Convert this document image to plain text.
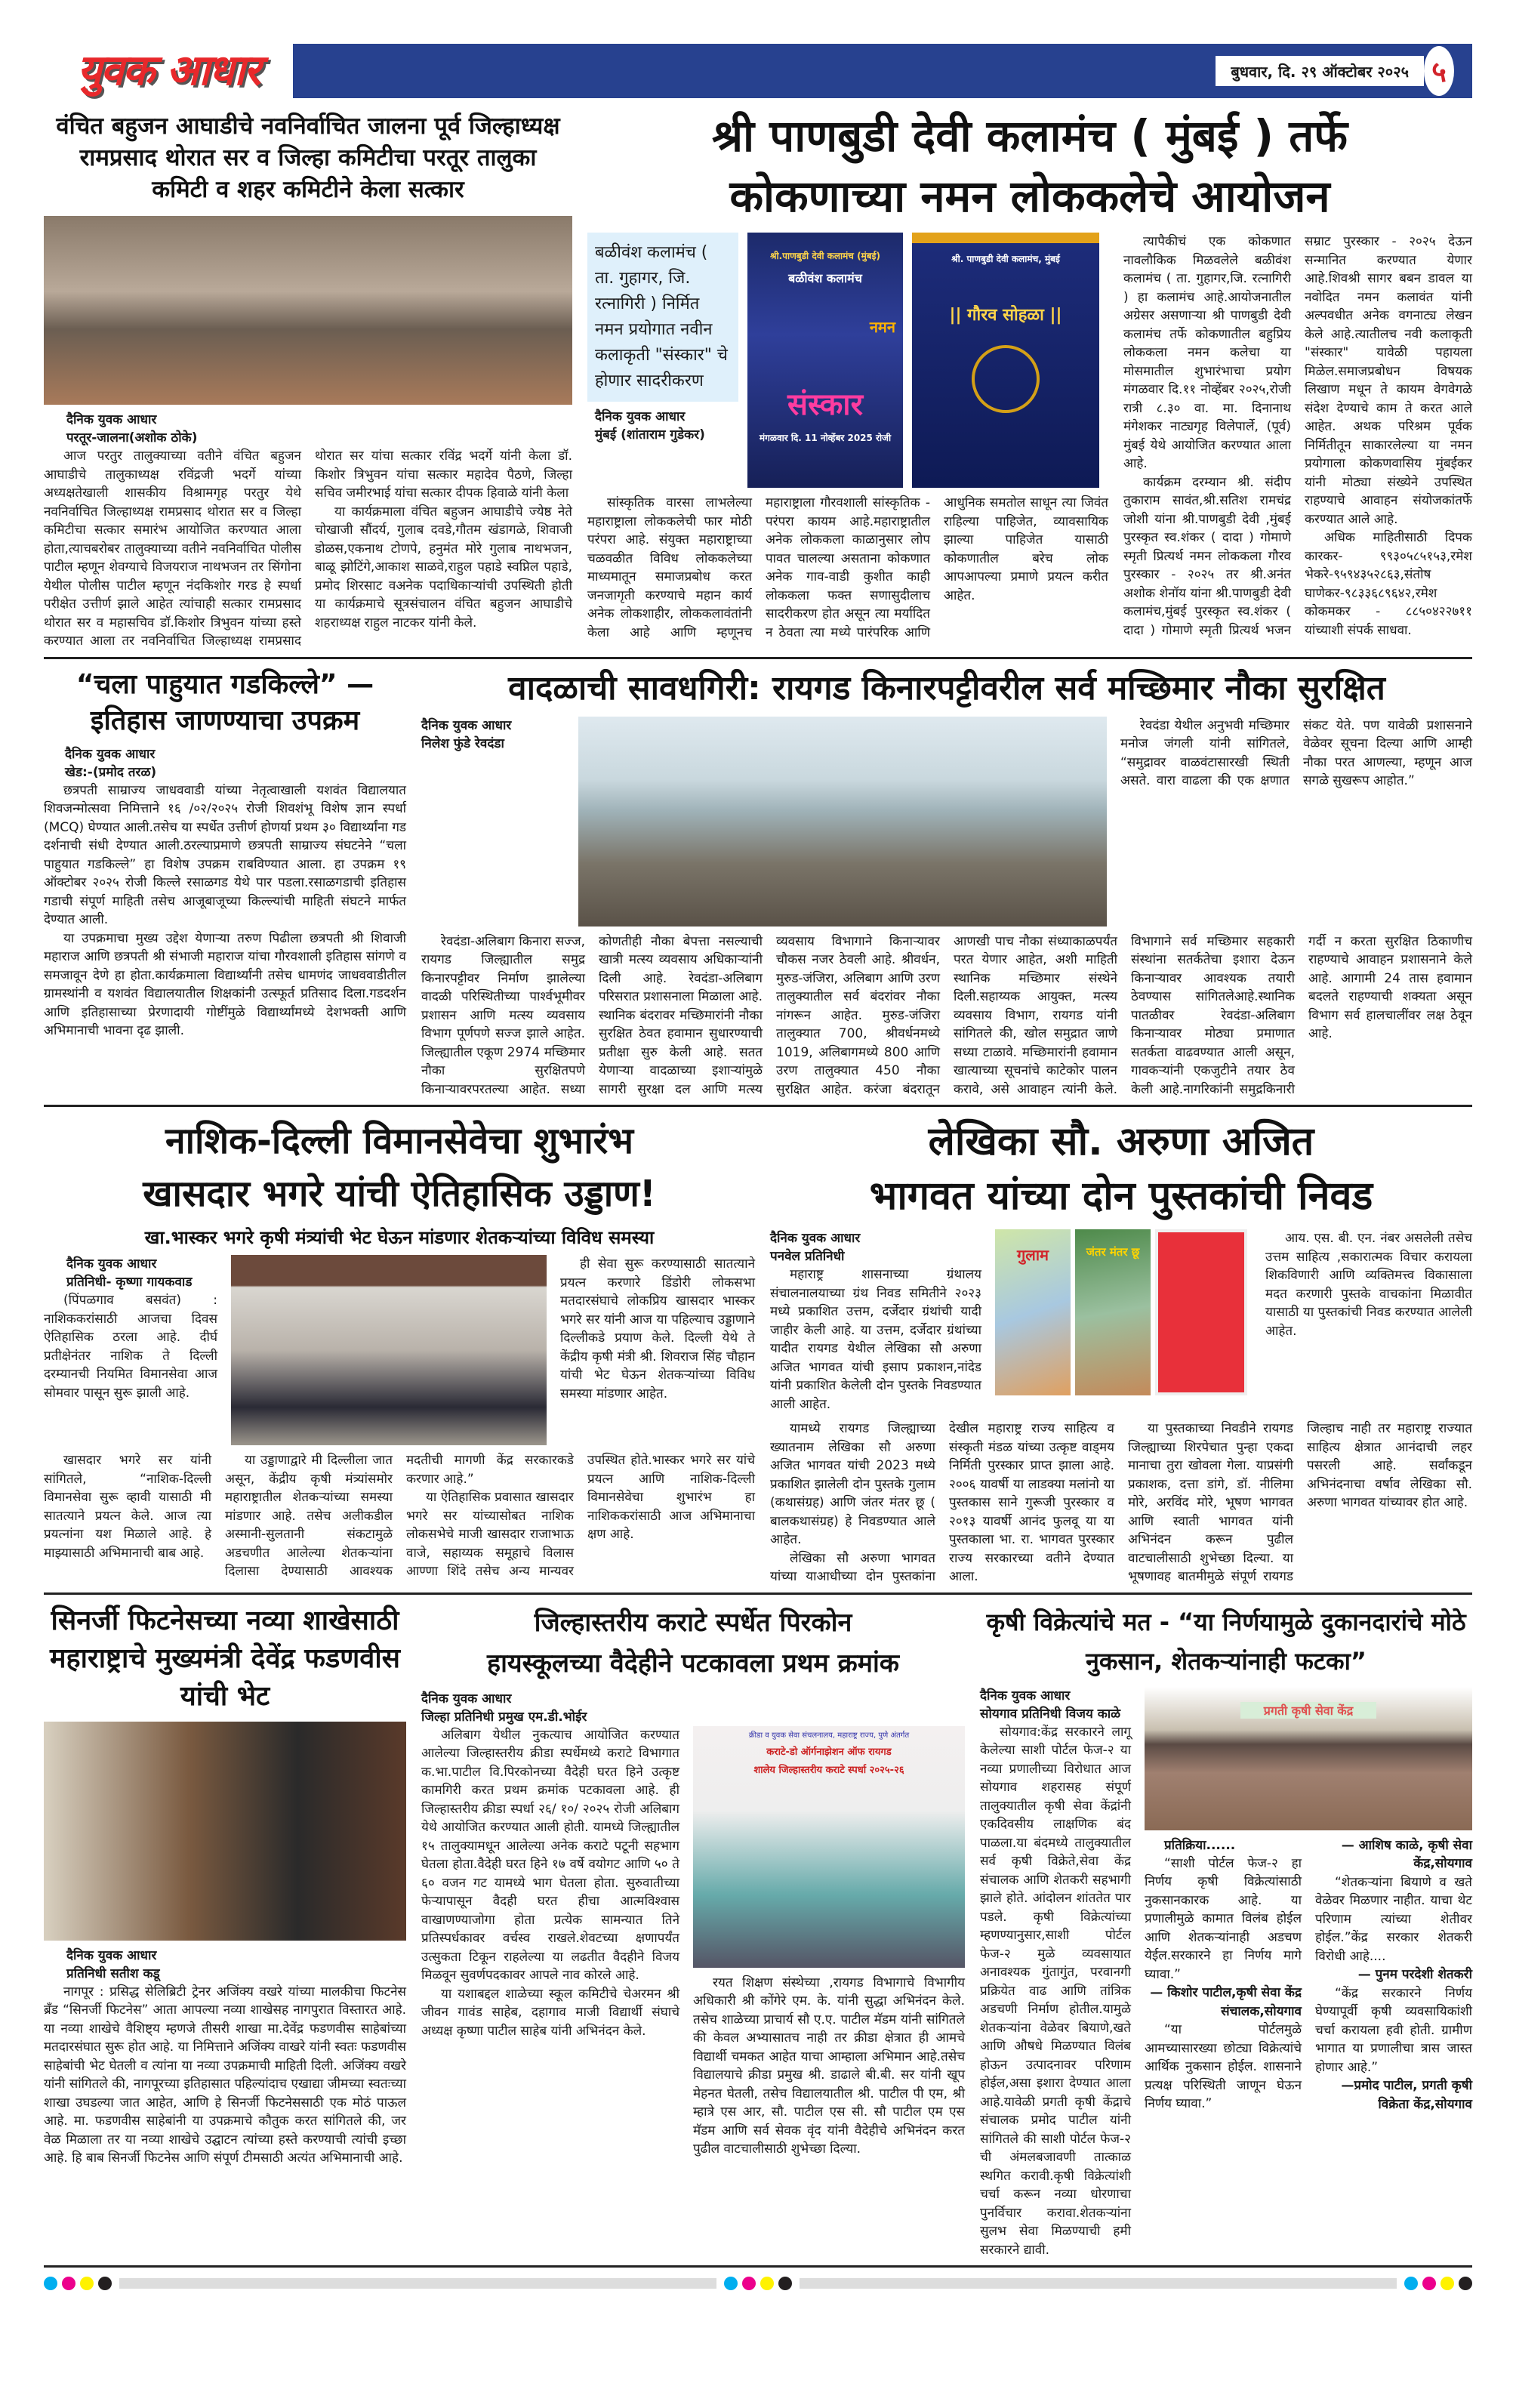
युवक आधार	बुधवार, दि. २९ ऑक्टोबर २०२५ ५
वंचित बहुजन आघाडीचे नवनिर्वाचित जालना पूर्व जिल्हाध्यक्ष रामप्रसाद थोरात सर व जिल्हा कमिटीचा परतूर तालुका कमिटी व शहर कमिटीने केला सत्कार
दैनिक युवक आधार
परतूर-जालना(अशोक ठोके)

आज परतुर तालुक्याच्या वतीने वंचित बहुजन आघाडीचे तालुकाध्यक्ष रविंद्रजी भदर्गे यांच्या अध्यक्षतेखाली शासकीय विश्रामगृह परतुर येथे नवनिर्वाचित जिल्हाध्यक्ष रामप्रसाद थोरात सर व जिल्हा कमिटीचा सत्कार समारंभ आयोजित करण्यात आला होता,त्याचबरोबर तालुक्याच्या वतीने नवनिर्वाचित पोलीस पाटील म्हणून शेवग्याचे विजयराज नाथभजन तर सिंगोना येथील पोलीस पाटील म्हणून नंदकिशोर गरड हे स्पर्धा परीक्षेत उत्तीर्ण झाले आहेत त्यांचाही सत्कार रामप्रसाद थोरात सर व महासचिव डॉ.किशोर त्रिभुवन यांच्या हस्ते करण्यात आला तर नवनिर्वाचित जिल्हाध्यक्ष रामप्रसाद थोरात सर यांचा सत्कार रविंद्र भदर्गे यांनी केला डॉ. किशोर त्रिभुवन यांचा सत्कार महादेव पैठणे, जिल्हा सचिव जमीरभाई यांचा सत्कार दीपक हिवाळे यांनी केला

या कार्यक्रमाला वंचित बहुजन आघाडीचे ज्येष्ठ नेते चोखाजी सौंदर्य, गुलाब दवडे,गौतम खंडागळे, शिवाजी डोळस,एकनाथ टोणपे, हनुमंत मोरे गुलाब नाथभजन, बाळू झोटिंगे,आकाश साळवे,राहुल पहाडे स्वप्निल पहाडे, प्रमोद शिरसाट वअनेक पदाधिकाऱ्यांची उपस्थिती होती या कार्यक्रमाचे सूत्रसंचालन वंचित बहुजन आघाडीचे शहराध्यक्ष राहुल नाटकर यांनी केले.

श्री पाणबुडी देवी कलामंच ( मुंबई ) तर्फे
कोकणाच्या नमन लोककलेचे आयोजन
बळीवंश कलामंच ( ता. गुहागर, जि. रत्नागिरी ) निर्मित नमन प्रयोगात नवीन कलाकृती "संस्कार" चे होणार सादरीकरण
दैनिक युवक आधार
मुंबई (शांताराम गुडेकर)
श्री.पाणबुडी देवी कलामंच (मुंबई)
बळीवंश कलामंच
नमन
संस्कार
मंगळवार दि. 11 नोव्हेंबर 2025 रोजी
श्री. पाणबुडी देवी कलामंच, मुंबई
|| गौरव सोहळा ||

सांस्कृतिक वारसा लाभलेल्या महाराष्ट्राला लोककलेची फार मोठी परंपरा आहे. संयुक्त महाराष्ट्राच्या चळवळीत विविध लोककलेच्या माध्यमातून समाजप्रबोध करत जनजागृती करण्याचे महान कार्य अनेक लोकशाहीर, लोककलावंतांनी केला आहे आणि म्हणूनच महाराष्ट्राला गौरवशाली सांस्कृतिक - परंपरा कायम आहे.महाराष्ट्रातील अनेक लोककला काळानुसार लोप पावत चालल्या असताना कोकणात अनेक गाव-वाडी कुशीत काही लोककला फक्त सणासुदीलाच सादरीकरण होत असून त्या मर्यादित न ठेवता त्या मध्ये पारंपरिक आणि आधुनिक समतोल साधून त्या जिवंत राहिल्या पाहिजेत, व्यावसायिक झाल्या पाहिजेत यासाठी कोकणातील बरेच लोक आपआपल्या प्रमाणे प्रयत्न करीत आहेत.

त्यापैकीचं एक कोकणात नावलौकिक मिळवलेले बळीवंश कलामंच ( ता. गुहागर,जि. रत्नागिरी ) हा कलामंच आहे.आयोजनातील अग्रेसर असणाऱ्या श्री पाणबुडी देवी कलामंच तर्फे कोकणातील बहुप्रिय लोककला नमन कलेचा या मोसमातील शुभारंभाचा प्रयोग मंगळवार दि.११ नोव्हेंबर २०२५,रोजी रात्री ८.३० वा. मा. दिनानाथ मंगेशकर नाट्यगृह विलेपार्ले, (पूर्व) मुंबई येथे आयोजित करण्यात आला आहे.

कार्यक्रम दरम्यान श्री. संदीप तुकाराम सावंत,श्री.सतिश रामचंद्र जोशी यांना श्री.पाणबुडी देवी ,मुंबई पुरस्कृत स्व.शंकर ( दादा ) गोमाणे स्मृती प्रित्यर्थ नमन लोककला गौरव पुरस्कार - २०२५ तर श्री.अनंत अशोक शेनॉय यांना श्री.पाणबुडी देवी कलामंच,मुंबई पुरस्कृत स्व.शंकर ( दादा ) गोमाणे स्मृती प्रित्यर्थ भजन सम्राट पुरस्कार - २०२५ देऊन सन्मानित करण्यात येणार आहे.शिवश्री सागर बबन डावल या नवोदित नमन कलावंत यांनी अल्पवधीत अनेक वगनाट्य लेखन केले आहे.त्यातीलच नवी कलाकृती "संस्कार" यावेळी पहायला मिळेल.समाजप्रबोधन विषयक लिखाण मधून ते कायम वेगवेगळे संदेश देण्याचे काम ते करत आले आहेत. अथक परिश्रम पूर्वक निर्मितीतून साकारलेल्या या नमन प्रयोगाला कोकणवासिय मुंबईकर यांनी मोठ्या संख्येने उपस्थित राहण्याचे आवाहन संयोजकांतर्फे करण्यात आले आहे.

अधिक माहितीसाठी दिपक कारकर- ९९३०५८५१५३,रमेश भेकरे-९५९४३५२८६३,संतोष घाणेकर-९८३३६८९६४२,रमेश कोकमकर - ८८५०४२२७११ यांच्याशी संपर्क साधवा.

“चला पाहुयात गडकिल्ले” — इतिहास जाणण्याचा उपक्रम
दैनिक युवक आधार
खेड:-(प्रमोद तरळ)

छत्रपती साम्राज्य जाधववाडी यांच्या नेतृत्वाखाली यशवंत विद्यालयात शिवजन्मोत्सवा निमित्ताने १६ /०२/२०२५ रोजी शिवशंभू विशेष ज्ञान स्पर्धा (MCQ) घेण्यात आली.तसेच या स्पर्धेत उत्तीर्ण होणर्या प्रथम ३० विद्यार्थ्यांना गड दर्शनाची संधी देण्यात आली.ठरल्याप्रमाणे छत्रपती साम्राज्य संघटनेने “चला पाहुयात गडकिल्ले” हा विशेष उपक्रम राबविण्यात आला. हा उपक्रम १९ ऑक्टोबर २०२५ रोजी किल्ले रसाळगड येथे पार पडला.रसाळगडाची इतिहास गडाची संपूर्ण माहिती तसेच आजूबाजूच्या किल्ल्यांची माहिती संघटने मार्फत देण्यात आली.

या उपक्रमाचा मुख्य उद्देश येणाऱ्या तरुण पिढीला छत्रपती श्री शिवाजी महाराज आणि छत्रपती श्री संभाजी महाराज यांचा गौरवशाली इतिहास सांगणे व समजावून देणे हा होता.कार्यक्रमाला विद्यार्थ्यांनी तसेच धामणंद जाधववाडीतील ग्रामस्थांनी व यशवंत विद्यालयातील शिक्षकांनी उत्स्फूर्त प्रतिसाद दिला.गडदर्शन आणि इतिहासाच्या प्रेरणादायी गोष्टींमुळे विद्यार्थ्यांमध्ये देशभक्ती आणि अभिमानाची भावना दृढ झाली.

वादळाची सावधगिरी: रायगड किनारपट्टीवरील सर्व मच्छिमार नौका सुरक्षित
दैनिक युवक आधार
निलेश फुंडे रेवदंडा

रेवदंडा येथील अनुभवी मच्छिमार मनोज जंगली यांनी सांगितले, “समुद्रावर वाळवंटासारखी स्थिती असते. वारा वाढला की एक क्षणात संकट येते. पण यावेळी प्रशासनाने वेळेवर सूचना दिल्या आणि आम्ही नौका परत आणल्या, म्हणून आज सगळे सुखरूप आहोत.”

रेवदंडा-अलिबाग किनारा सज्ज, रायगड जिल्ह्यातील समुद्र किनारपट्टीवर निर्माण झालेल्या वादळी परिस्थितीच्या पार्श्वभूमीवर प्रशासन आणि मत्स्य व्यवसाय विभाग पूर्णपणे सज्ज झाले आहेत. जिल्ह्यातील एकूण 2974 मच्छिमार नौका सुरक्षितपणे किनाऱ्यावरपरतल्या आहेत. सध्या कोणतीही नौका बेपत्ता नसल्याची खात्री मत्स्य व्यवसाय अधिकाऱ्यांनी दिली आहे. रेवदंडा-अलिबाग परिसरात प्रशासनाला मिळाला आहे. स्थानिक बंदरावर मच्छिमारांनी नौका सुरक्षित ठेवत हवामान सुधारण्याची प्रतीक्षा सुरु केली आहे. सतत येणाऱ्या वादळाच्या इशाऱ्यांमुळे सागरी सुरक्षा दल आणि मत्स्य व्यवसाय विभागाने किनाऱ्यावर चौकस नजर ठेवली आहे. श्रीवर्धन, मुरुड-जंजिरा, अलिबाग आणि उरण तालुक्यातील सर्व बंदरांवर नौका नांगरून आहेत. मुरुड-जंजिरा तालुक्यात 700, श्रीवर्धनमध्ये 1019, अलिबागमध्ये 800 आणि उरण तालुक्यात 450 नौका सुरक्षित आहेत. करंजा बंदरातून आणखी पाच नौका संध्याकाळपर्यंत परत येणार आहेत, अशी माहिती स्थानिक मच्छिमार संस्थेने दिली.सहाय्यक आयुक्त, मत्स्य व्यवसाय विभाग, रायगड यांनी सांगितले की, खोल समुद्रात जाणे सध्या टाळावे. मच्छिमारांनी हवामान खात्याच्या सूचनांचे काटेकोर पालन करावे, असे आवाहन त्यांनी केले. विभागाने सर्व मच्छिमार सहकारी संस्थांना सतर्कतेचा इशारा देऊन किनाऱ्यावर आवश्यक तयारी ठेवण्यास सांगितलेआहे.स्थानिक पातळीवर रेवदंडा-अलिबाग किनाऱ्यावर मोठ्या प्रमाणात सतर्कता वाढवण्यात आली असून, गावकऱ्यांनी एकजुटीने तयार ठेव केली आहे.नागरिकांनी समुद्रकिनारी गर्दी न करता सुरक्षित ठिकाणीच राहण्याचे आवाहन प्रशासनाने केले आहे. आगामी 24 तास हवामान बदलते राहण्याची शक्यता असून विभाग सर्व हालचालींवर लक्ष ठेवून आहे.

नाशिक-दिल्ली विमानसेवेचा शुभारंभ
खासदार भगरे यांची ऐतिहासिक उड्डाण!
खा.भास्कर भगरे कृषी मंत्र्यांची भेट घेऊन मांडणार शेतकऱ्यांच्या विविध समस्या
दैनिक युवक आधार
प्रतिनिधी- कृष्णा गायकवाड

(पिंपळगाव बसवंत) : नाशिककरांसाठी आजचा दिवस ऐतिहासिक ठरला आहे. दीर्घ प्रतीक्षेनंतर नाशिक ते दिल्ली दरम्यानची नियमित विमानसेवा आज सोमवार पासून सुरू झाली आहे.

ही सेवा सुरू करण्यासाठी सातत्याने प्रयत्न करणारे डिंडोरी लोकसभा मतदारसंघाचे लोकप्रिय खासदार भास्कर भगरे सर यांनी आज या पहिल्याच उड्डाणाने दिल्लीकडे प्रयाण केले. दिल्ली येथे ते केंद्रीय कृषी मंत्री श्री. शिवराज सिंह चौहान यांची भेट घेऊन शेतकऱ्यांच्या विविध समस्या मांडणार आहेत.

खासदार भगरे सर यांनी सांगितले, “नाशिक-दिल्ली विमानसेवा सुरू व्हावी यासाठी मी सातत्याने प्रयत्न केले. आज त्या प्रयत्नांना यश मिळाले आहे. हे माझ्यासाठी अभिमानाची बाब आहे.

या उड्डाणाद्वारे मी दिल्लीला जात असून, केंद्रीय कृषी मंत्र्यांसमोर महाराष्ट्रातील शेतकऱ्यांच्या समस्या मांडणार आहे. तसेच अलीकडील अस्मानी-सुलतानी संकटामुळे अडचणीत आलेल्या शेतकऱ्यांना दिलासा देण्यासाठी आवश्यक मदतीची मागणी केंद्र सरकारकडे करणार आहे.”

या ऐतिहासिक प्रवासात खासदार भगरे सर यांच्यासोबत नाशिक लोकसभेचे माजी खासदार राजाभाऊ वाजे, सहाय्यक समूहाचे विलास आण्णा शिंदे तसेच अन्य मान्यवर उपस्थित होते.भास्कर भगरे सर यांचे प्रयत्न आणि नाशिक-दिल्ली विमानसेवेचा शुभारंभ हा नाशिककरांसाठी आज अभिमानाचा क्षण आहे.

लेखिका सौ. अरुणा अजित
भागवत यांच्या दोन पुस्तकांची निवड
दैनिक युवक आधार
पनवेल प्रतिनिधी

महाराष्ट्र शासनाच्या ग्रंथालय संचालनालयाच्या ग्रंथ निवड समितीने २०२३ मध्ये प्रकाशित उत्तम, दर्जेदार ग्रंथांची यादी जाहीर केली आहे. या उत्तम, दर्जेदार ग्रंथांच्या यादीत रायगड येथील लेखिका सौ अरुणा अजित भागवत यांची इसाप प्रकाशन,नांदेड यांनी प्रकाशित केलेली दोन पुस्तके निवडण्यात आली आहेत.

गुलाम	जंतर मंतर छू

आय. एस. बी. एन. नंबर असलेली तसेच उत्तम साहित्य ,सकारात्मक विचार करायला शिकविणारी आणि व्यक्तिमत्त्व विकासाला मदत करणारी पुस्तके वाचकांना मिळावीत यासाठी या पुस्तकांची निवड करण्यात आलेली आहेत.

यामध्ये रायगड जिल्ह्याच्या ख्यातनाम लेखिका सौ अरुणा अजित भागवत यांची 2023 मध्ये प्रकाशित झालेली दोन पुस्तके गुलाम (कथासंग्रह) आणि जंतर मंतर छू ( बालकथासंग्रह) हे निवडण्यात आले आहेत.

लेखिका सौ अरुणा भागवत यांच्या याआधीच्या दोन पुस्तकांना देखील महाराष्ट्र राज्य साहित्य व संस्कृती मंडळ यांच्या उत्कृष्ट वाड्मय निर्मिती पुरस्कार प्राप्त झाला आहे. २००६ यावर्षी या लाडक्या मलांनो या पुस्तकास साने गुरूजी पुरस्कार व २०१३ यावर्षी आनंद फुलवू या या पुस्तकाला भा. रा. भागवत पुरस्कार राज्य सरकारच्या वतीने देण्यात आला.

या पुस्तकाच्या निवडीने रायगड जिल्ह्याच्या शिरपेचात पुन्हा एकदा मानाचा तुरा खोवला गेला. याप्रसंगी प्रकाशक, दत्ता डांगे, डॉ. नीलिमा मोरे, अरविंद मोरे, भूषण भागवत आणि स्वाती भागवत यांनी अभिनंदन करून पुढील वाटचालीसाठी शुभेच्छा दिल्या. या भूषणावह बातमीमुळे संपूर्ण रायगड जिल्हाच नाही तर महाराष्ट्र राज्यात साहित्य क्षेत्रात आनंदाची लहर पसरली आहे. सर्वांकडून अभिनंदनाचा वर्षाव लेखिका सौ. अरुणा भागवत यांच्यावर होत आहे.

सिनर्जी फिटनेसच्या नव्या शाखेसाठी महाराष्ट्राचे मुख्यमंत्री देवेंद्र फडणवीस यांची भेट
दैनिक युवक आधार
प्रतिनिधी सतीश कडू

नागपूर : प्रसिद्ध सेलिब्रिटी ट्रेनर अजिंक्य वखरे यांच्या मालकीचा फिटनेस ब्रँड “सिनर्जी फिटनेस” आता आपल्या नव्या शाखेसह नागपुरात विस्तारत आहे. या नव्या शाखेचे वैशिष्ट्य म्हणजे तीसरी शाखा मा.देवेंद्र फडणवीस साहेबांच्या मतदारसंघात सुरू होत आहे. या निमित्ताने अजिंक्य वाखरे यांनी स्वतः फडणवीस साहेबांची भेट घेतली व त्यांना या नव्या उपक्रमाची माहिती दिली. अजिंक्य वखरे यांनी सांगितले की, नागपूरच्या इतिहासात पहिल्यांदाच एखाद्या जीमच्या स्वतःच्या शाखा उघडल्या जात आहेत, आणि हे सिनर्जी फिटनेससाठी एक मोठं पाऊल आहे. मा. फडणवीस साहेबांनी या उपक्रमाचे कौतुक करत सांगितले की, जर वेळ मिळाला तर या नव्या शाखेचे उद्घाटन त्यांच्या हस्ते करण्याची त्यांची इच्छा आहे. हि बाब सिनर्जी फिटनेस आणि संपूर्ण टीमसाठी अत्यंत अभिमानाची आहे.

जिल्हास्तरीय कराटे स्पर्धेत पिरकोन
हायस्कूलच्या वैदेहीने पटकावला प्रथम क्रमांक
दैनिक युवक आधार
जिल्हा प्रतिनिधी प्रमुख एम.डी.भोईर

अलिबाग येथील नुकत्याच आयोजित करण्यात आलेल्या जिल्हास्तरीय क्रीडा स्पर्धेमध्ये कराटे विभागात क.भा.पाटील वि.पिरकोनच्या वैदेही घरत हिने उत्कृष्ट कामगिरी करत प्रथम क्रमांक पटकावला आहे. ही जिल्हास्तरीय क्रीडा स्पर्धा २६/ १०/ २०२५ रोजी अलिबाग येथे आयोजित करण्यात आली होती. यामध्ये जिल्ह्यातील १५ तालुक्यामधून आलेल्या अनेक कराटे पटूनी सहभाग घेतला होता.वैदेही घरत हिने १७ वर्षे वयोगट आणि ५० ते ६० वजन गट यामध्ये भाग घेतला होता. सुरुवातीच्या फेऱ्यापासून वैदही घरत हीचा आत्मविश्वास वाखाणण्याजोगा होता प्रत्येक सामन्यात तिने प्रतिस्पर्धकावर वर्चस्व राखले.शेवटच्या क्षणापर्यंत उत्सुकता टिकून राहलेल्या या लढतीत वैदहीने विजय मिळवून सुवर्णपदकावर आपले नाव कोरले आहे.

या यशाबद्दल शाळेच्या स्कूल कमिटीचे चेअरमन श्री जीवन गावंड साहेब, दहागाव माजी विद्यार्थी संघाचे अध्यक्ष कृष्णा पाटील साहेब यांनी अभिनंदन केले.

क्रीडा व युवक सेवा संचलनालय, महाराष्ट्र राज्य, पुणे अंतर्गत
कराटे-डो ऑर्गनाझेशन ऑफ रायगड
शालेय जिल्हास्तरीय कराटे स्पर्धा २०२५-२६

रयत शिक्षण संस्थेच्या ,रायगड विभागाचे विभागीय अधिकारी श्री कोंगेरे एम. के. यांनी सुद्धा अभिनंदन केले. तसेच शाळेच्या प्राचार्य सौ ए.ए. पाटील मॅडम यांनी सांगितले की केवल अभ्यासातच नाही तर क्रीडा क्षेत्रात ही आमचे विद्यार्थी चमकत आहेत याचा आम्हाला अभिमान आहे.तसेच विद्यालयाचे क्रीडा प्रमुख श्री. डाढाले बी.बी. सर यांनी खूप मेहनत घेतली, तसेच विद्यालयातील श्री. पाटील पी एम, श्री म्हात्रे एस आर, सौ. पाटील एस सी. सौ पाटील एम एस मॅडम आणि सर्व सेवक वृंद यांनी वैदेहीचे अभिनंदन करत पुढील वाटचालीसाठी शुभेच्छा दिल्या.

कृषी विक्रेत्यांचे मत - “या निर्णयामुळे दुकानदारांचे मोठे नुकसान, शेतकऱ्यांनाही फटका”
दैनिक युवक आधार
सोयगाव प्रतिनिधी विजय काळे

सोयगाव:केंद्र सरकारने लागू केलेल्या साशी पोर्टल फेज-२ या नव्या प्रणालीच्या विरोधात आज सोयगाव शहरासह संपूर्ण तालुक्यातील कृषी सेवा केंद्रांनी एकदिवसीय लाक्षणिक बंद पाळला.या बंदमध्ये तालुक्यातील सर्व कृषी विक्रेते,सेवा केंद्र संचालक आणि शेतकरी सहभागी झाले होते. आंदोलन शांततेत पार पडले. कृषी विक्रेत्यांच्या म्हणण्यानुसार,साशी पोर्टल फेज-२ मुळे व्यवसायात अनावश्यक गुंतागुंत, परवानगी प्रक्रियेत वाढ आणि तांत्रिक अडचणी निर्माण होतील.यामुळे शेतकऱ्यांना वेळेवर बियाणे,खते आणि औषधे मिळण्यात विलंब होऊन उत्पादनावर परिणाम होईल,असा इशारा देण्यात आला आहे.यावेळी प्रगती कृषी केंद्राचे संचालक प्रमोद पाटील यांनी सांगितले की साशी पोर्टल फेज-२ ची अंमलबजावणी तात्काळ स्थगित करावी.कृषी विक्रेत्यांशी चर्चा करून नव्या धोरणाचा पुनर्विचार करावा.शेतकऱ्यांना सुलभ सेवा मिळण्याची हमी सरकारने द्यावी.

प्रगती कृषी सेवा केंद्र
प्रतिक्रिया......

“साशी पोर्टल फेज-२ हा निर्णय कृषी विक्रेत्यांसाठी नुकसानकारक आहे. या प्रणालीमुळे कामात विलंब होईल आणि शेतकऱ्यांनाही अडचण येईल.सरकारने हा निर्णय मागे घ्यावा.”

— किशोर पाटील,कृषी सेवा केंद्र संचालक,सोयगाव

“या पोर्टलमुळे आमच्यासारख्या छोट्या विक्रेत्यांचे आर्थिक नुकसान होईल. शासनाने प्रत्यक्ष परिस्थिती जाणून घेऊन निर्णय घ्यावा.”

— आशिष काळे, कृषी सेवा केंद्र,सोयगाव

“शेतकऱ्यांना बियाणे व खते वेळेवर मिळणार नाहीत. याचा थेट परिणाम त्यांच्या शेतीवर होईल.”केंद्र सरकार शेतकरी विरोधी आहे....

— पुनम परदेशी शेतकरी

“केंद्र सरकारने निर्णय घेण्यापूर्वी कृषी व्यवसायिकांशी चर्चा करायला हवी होती. ग्रामीण भागात या प्रणालीचा त्रास जास्त होणार आहे.”

—प्रमोद पाटील, प्रगती कृषी विक्रेता केंद्र,सोयगाव
